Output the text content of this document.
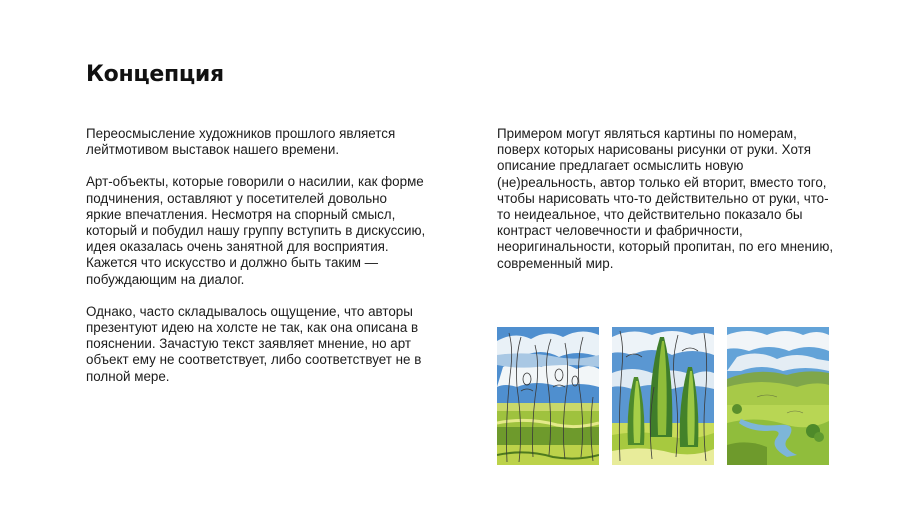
Концепция

Переосмысление художников прошлого является лейтмотивом выставок нашего времени.

Арт-объекты, которые говорили о насилии, как форме подчинения, оставляют у посетителей довольно яркие впечатления. Несмотря на спорный смысл, который и побудил нашу группу вступить в дискуссию, идея оказалась очень занятной для восприятия. Кажется что искусство и должно быть таким — побуждающим на диалог.

Однако, часто складывалось ощущение, что авторы презентуют идею на холсте не так, как она описана в пояснении. Зачастую текст заявляет мнение, но арт объект ему не соответствует, либо соответствует не в полной мере.

Примером могут являться картины по номерам, поверх которых нарисованы рисунки от руки. Хотя описание предлагает осмыслить новую (не)реальность, автор только ей вторит, вместо того, чтобы нарисовать что-то действительно от руки, что-то неидеальное, что действительно показало бы контраст человечности и фабричности, неоригинальности, который пропитан, по его мнению, современный мир.
